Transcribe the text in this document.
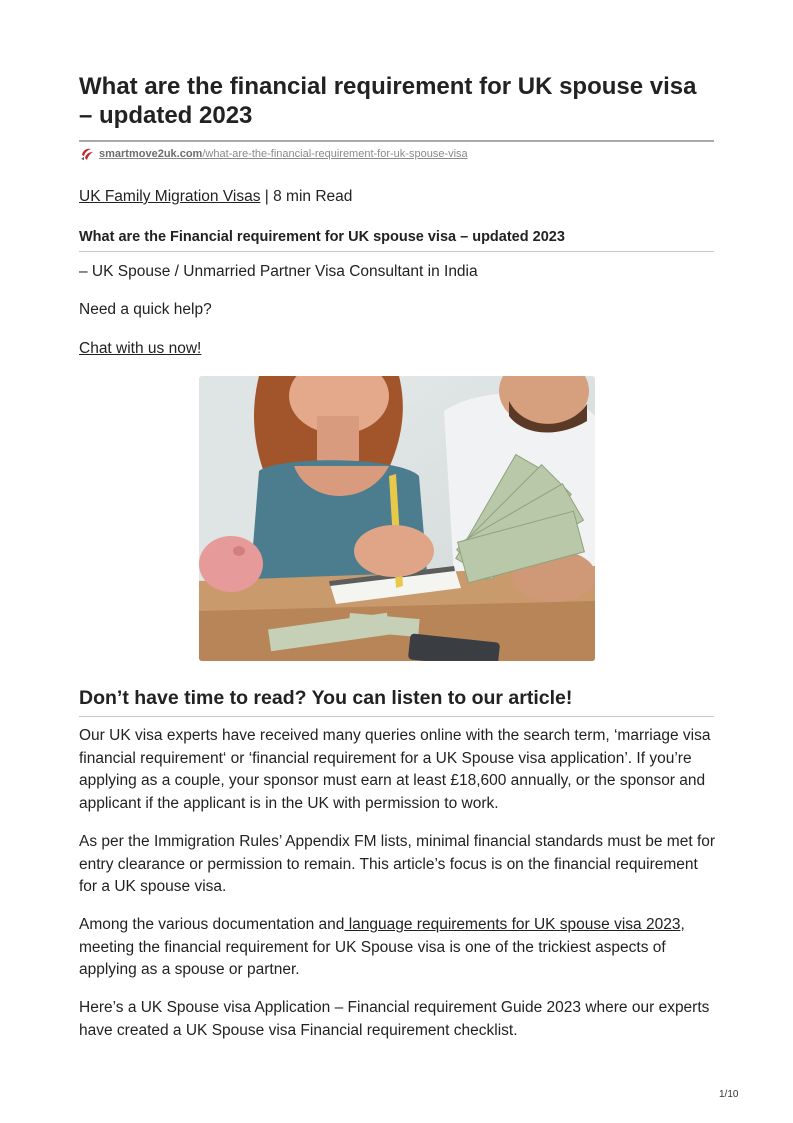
What are the financial requirement for UK spouse visa – updated 2023
smartmove2uk.com/what-are-the-financial-requirement-for-uk-spouse-visa
UK Family Migration Visas | 8 min Read
What are the Financial requirement for UK spouse visa – updated 2023
– UK Spouse / Unmarried Partner Visa Consultant in India
Need a quick help?
Chat with us now!
Don’t have time to read? You can listen to our article!
Our UK visa experts have received many queries online with the search term, ‘marriage visa financial requirement‘ or ‘financial requirement for a UK Spouse visa application’. If you’re applying as a couple, your sponsor must earn at least £18,600 annually, or the sponsor and applicant if the applicant is in the UK with permission to work.
As per the Immigration Rules’ Appendix FM lists, minimal financial standards must be met for entry clearance or permission to remain. This article’s focus is on the financial requirement for a UK spouse visa.
Among the various documentation and language requirements for UK spouse visa 2023, meeting the financial requirement for UK Spouse visa is one of the trickiest aspects of applying as a spouse or partner.
Here’s a UK Spouse visa Application – Financial requirement Guide 2023 where our experts have created a UK Spouse visa Financial requirement checklist.
1/10
